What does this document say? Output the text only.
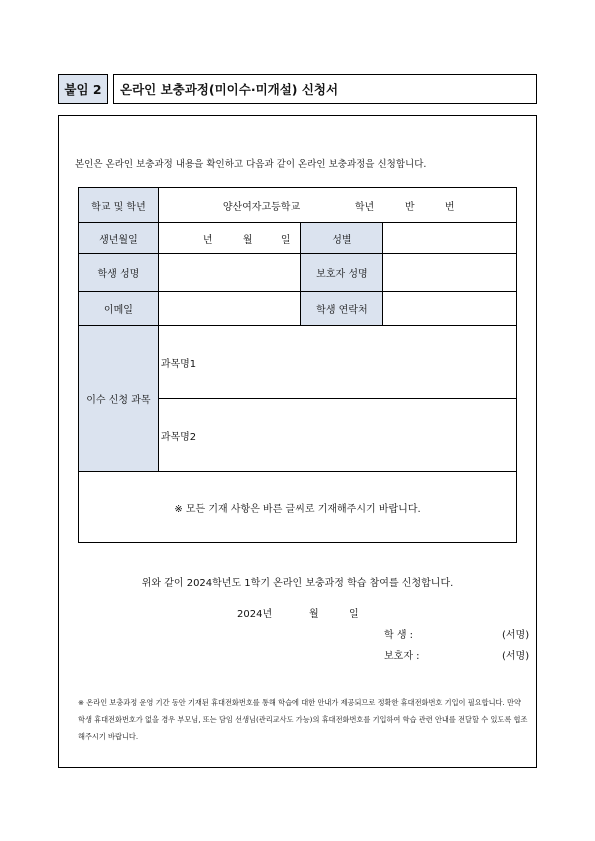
붙임 2	온라인 보충과정(미이수·미개설) 신청서
본인은 온라인 보충과정 내용을 확인하고 다음과 같이 온라인 보충과정을 신청합니다.
학교 및 학년	양산여자고등학교 학년 반 번		

생년월일	년 월 일	성별	
학생 성명		보호자 성명	
이메일		학생 연락처	
이수 신청 과목	과목명1		

	과목명2		

※ 모든 기재 사항은 바른 글씨로 기재해주시기 바랍니다.			
위와 같이 2024학년도 1학기 온라인 보충과정 학습 참여를 신청합니다.
2024년	월	일
학 생 :	(서명)
보호자 :	(서명)
※ 온라인 보충과정 운영 기간 동안 기재된 휴대전화번호를 통해 학습에 대한 안내가 제공되므로 정확한 휴대전화번호 기입이 필요합니다. 만약 학생 휴대전화번호가 없을 경우 부모님, 또는 담임 선생님(관리교사도 가능)의 휴대전화번호를 기입하여 학습 관련 안내를 전달할 수 있도록 협조해주시기 바랍니다.
